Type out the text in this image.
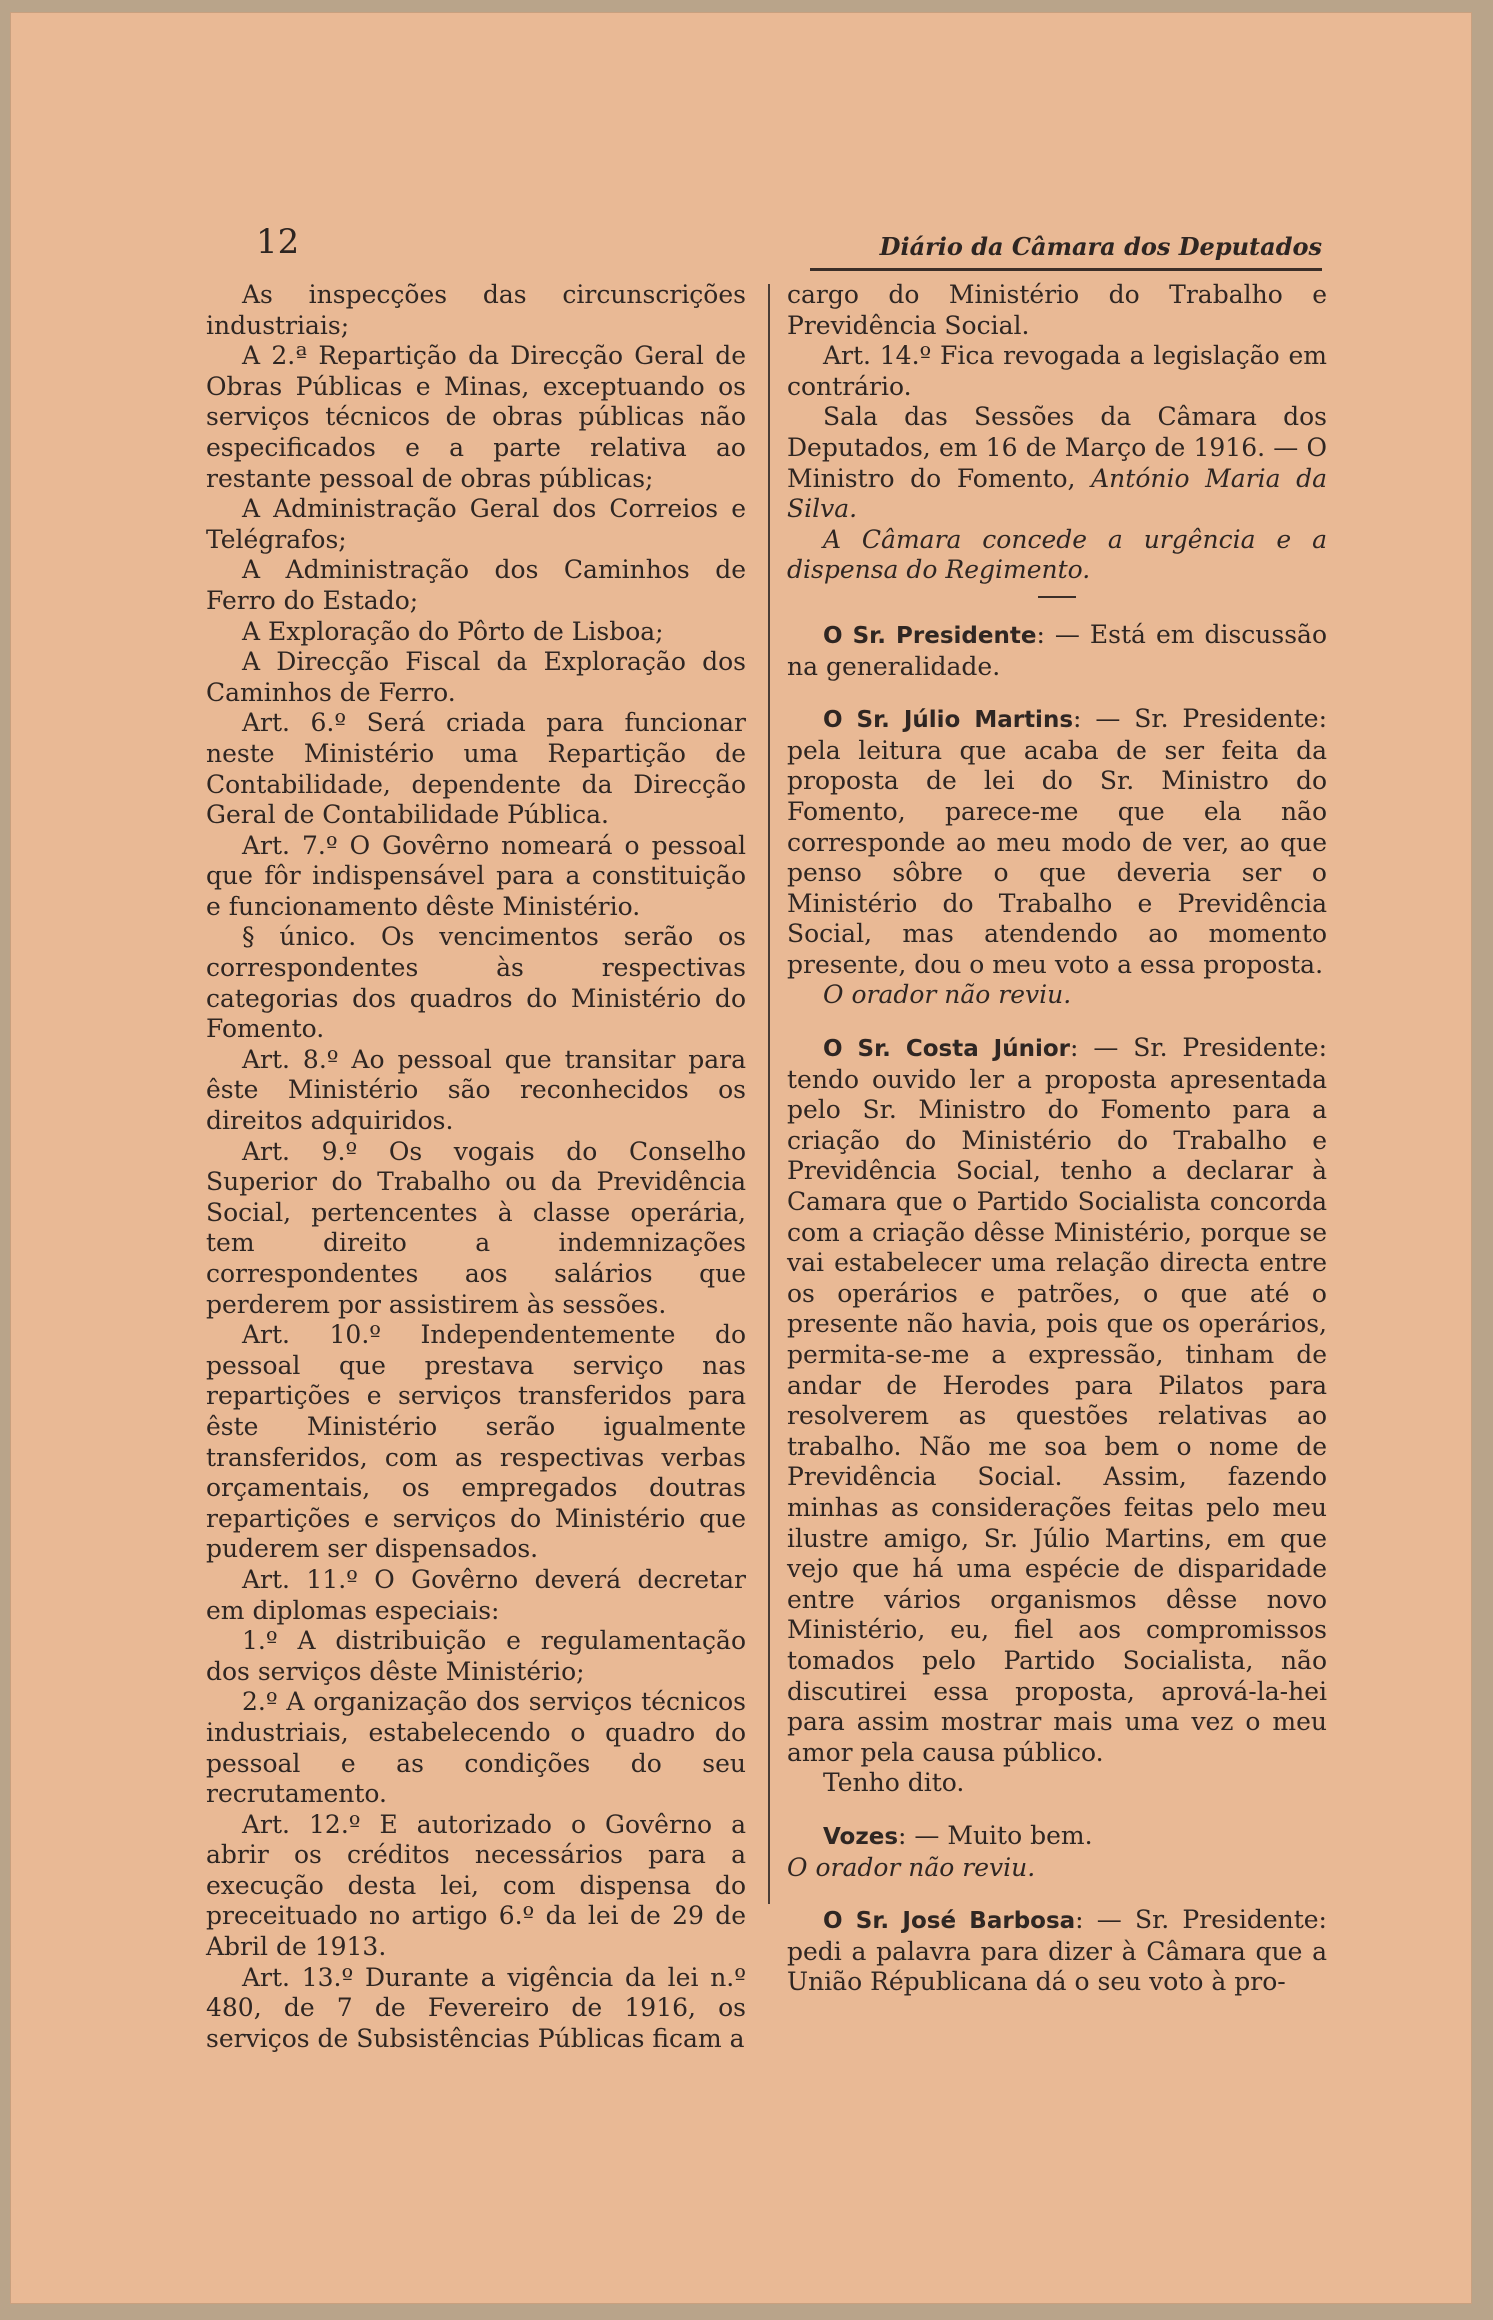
12	Diário da Câmara dos Deputados

As inspecções das circunscrições industriais;

A 2.ª Repartição da Direcção Geral de Obras Públicas e Minas, exceptuando os serviços técnicos de obras públicas não especificados e a parte relativa ao restante pessoal de obras públicas;

A Administração Geral dos Correios e Telégrafos;

A Administração dos Caminhos de Ferro do Estado;

A Exploração do Pôrto de Lisboa;

A Direcção Fiscal da Exploração dos Caminhos de Ferro.

Art. 6.º Será criada para funcionar neste Ministério uma Repartição de Contabilidade, dependente da Direcção Geral de Contabilidade Pública.

Art. 7.º O Govêrno nomeará o pessoal que fôr indispensável para a constituição e funcionamento dêste Ministério.

§ único. Os vencimentos serão os correspondentes às respectivas categorias dos quadros do Ministério do Fomento.

Art. 8.º Ao pessoal que transitar para êste Ministério são reconhecidos os direitos adquiridos.

Art. 9.º Os vogais do Conselho Superior do Trabalho ou da Previdência Social, pertencentes à classe operária, tem direito a indemnizações correspondentes aos salários que perderem por assistirem às sessões.

Art. 10.º Independentemente do pessoal que prestava serviço nas repartições e serviços transferidos para êste Ministério serão igualmente transferidos, com as respectivas verbas orçamentais, os empregados doutras repartições e serviços do Ministério que puderem ser dispensados.

Art. 11.º O Govêrno deverá decretar em diplomas especiais:

1.º A distribuição e regulamentação dos serviços dêste Ministério;

2.º A organização dos serviços técnicos industriais, estabelecendo o quadro do pessoal e as condições do seu recrutamento.

Art. 12.º E autorizado o Govêrno a abrir os créditos necessários para a execução desta lei, com dispensa do preceituado no artigo 6.º da lei de 29 de Abril de 1913.

Art. 13.º Durante a vigência da lei n.º 480, de 7 de Fevereiro de 1916, os serviços de Subsistências Públicas ficam a

cargo do Ministério do Trabalho e Previdência Social.

Art. 14.º Fica revogada a legislação em contrário.

Sala das Sessões da Câmara dos Deputados, em 16 de Março de 1916. — O Ministro do Fomento, António Maria da Silva.

A Câmara concede a urgência e a dispensa do Regimento.

O Sr. Presidente: — Está em discussão na generalidade.

O Sr. Júlio Martins: — Sr. Presidente: pela leitura que acaba de ser feita da proposta de lei do Sr. Ministro do Fomento, parece-me que ela não corresponde ao meu modo de ver, ao que penso sôbre o que deveria ser o Ministério do Trabalho e Previdência Social, mas atendendo ao momento presente, dou o meu voto a essa proposta.

O orador não reviu.

O Sr. Costa Júnior: — Sr. Presidente: tendo ouvido ler a proposta apresentada pelo Sr. Ministro do Fomento para a criação do Ministério do Trabalho e Previdência Social, tenho a declarar à Camara que o Partido Socialista concorda com a criação dêsse Ministério, porque se vai estabelecer uma relação directa entre os operários e patrões, o que até o presente não havia, pois que os operários, permita-se-me a expressão, tinham de andar de Herodes para Pilatos para resolverem as questões relativas ao trabalho. Não me soa bem o nome de Previdência Social. Assim, fazendo minhas as considerações feitas pelo meu ilustre amigo, Sr. Júlio Martins, em que vejo que há uma espécie de disparidade entre vários organismos dêsse novo Ministério, eu, fiel aos compromissos tomados pelo Partido Socialista, não discutirei essa proposta, aprová-la-hei para assim mostrar mais uma vez o meu amor pela causa público.

Tenho dito.

Vozes: — Muito bem.

O orador não reviu.

O Sr. José Barbosa: — Sr. Presidente: pedi a palavra para dizer à Câmara que a União Républicana dá o seu voto à pro-
